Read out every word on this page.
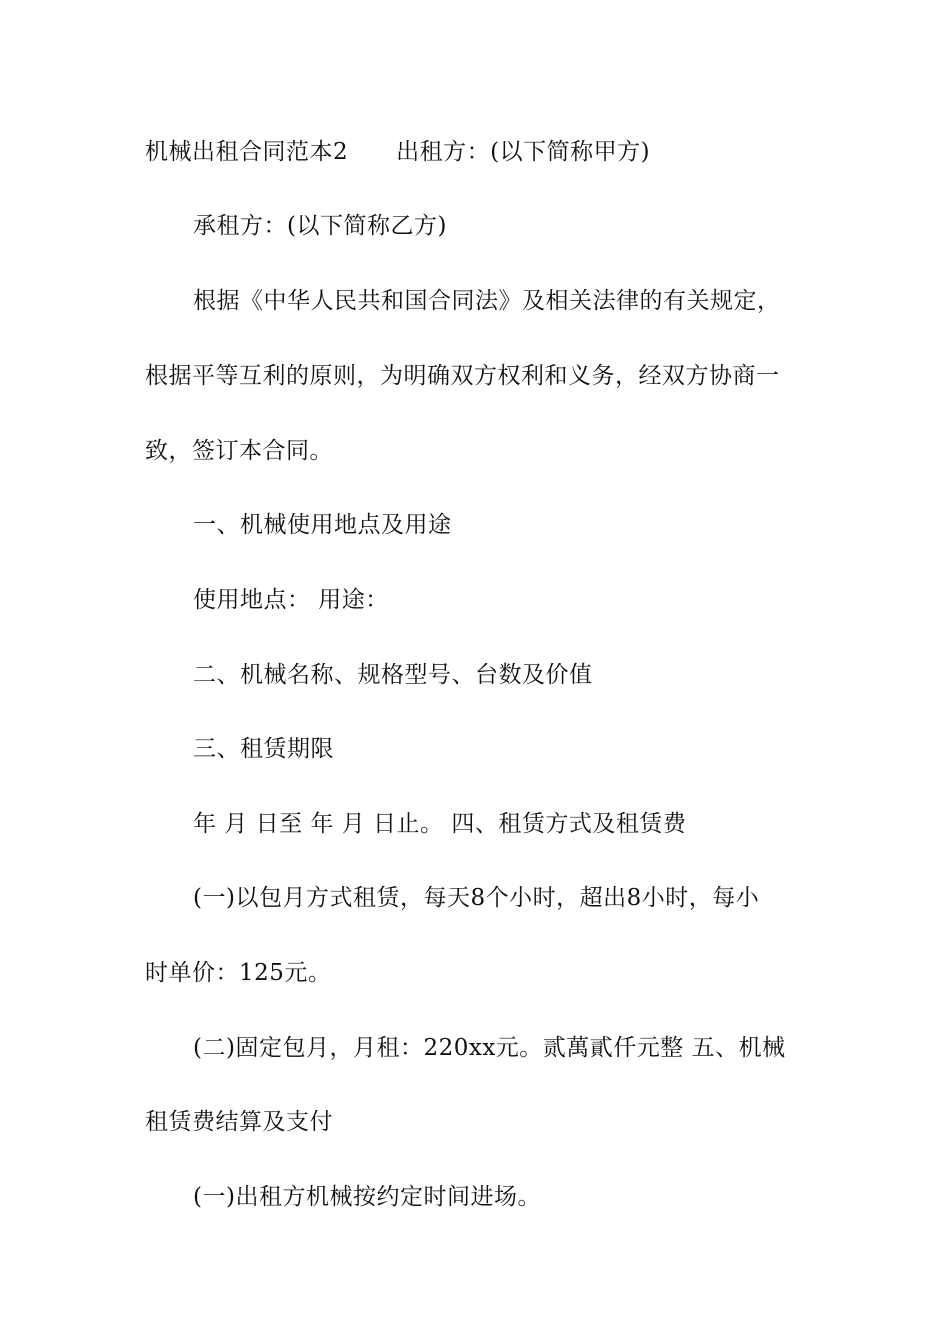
机械出租合同范本2 出租方：(以下简称甲方)
承租方：(以下简称乙方)
根据《中华人民共和国合同法》及相关法律的有关规定，
根据平等互利的原则，为明确双方权利和义务，经双方协商一
致，签订本合同。
一、机械使用地点及用途
使用地点： 用途：
二、机械名称、规格型号、台数及价值
三、租赁期限
年 月 日至 年 月 日止。 四、租赁方式及租赁费
(一)以包月方式租赁，每天8个小时，超出8小时，每小
时单价：125元。
(二)固定包月，月租：220xx元。贰萬貳仟元整 五、机械
租赁费结算及支付
(一)出租方机械按约定时间进场。
